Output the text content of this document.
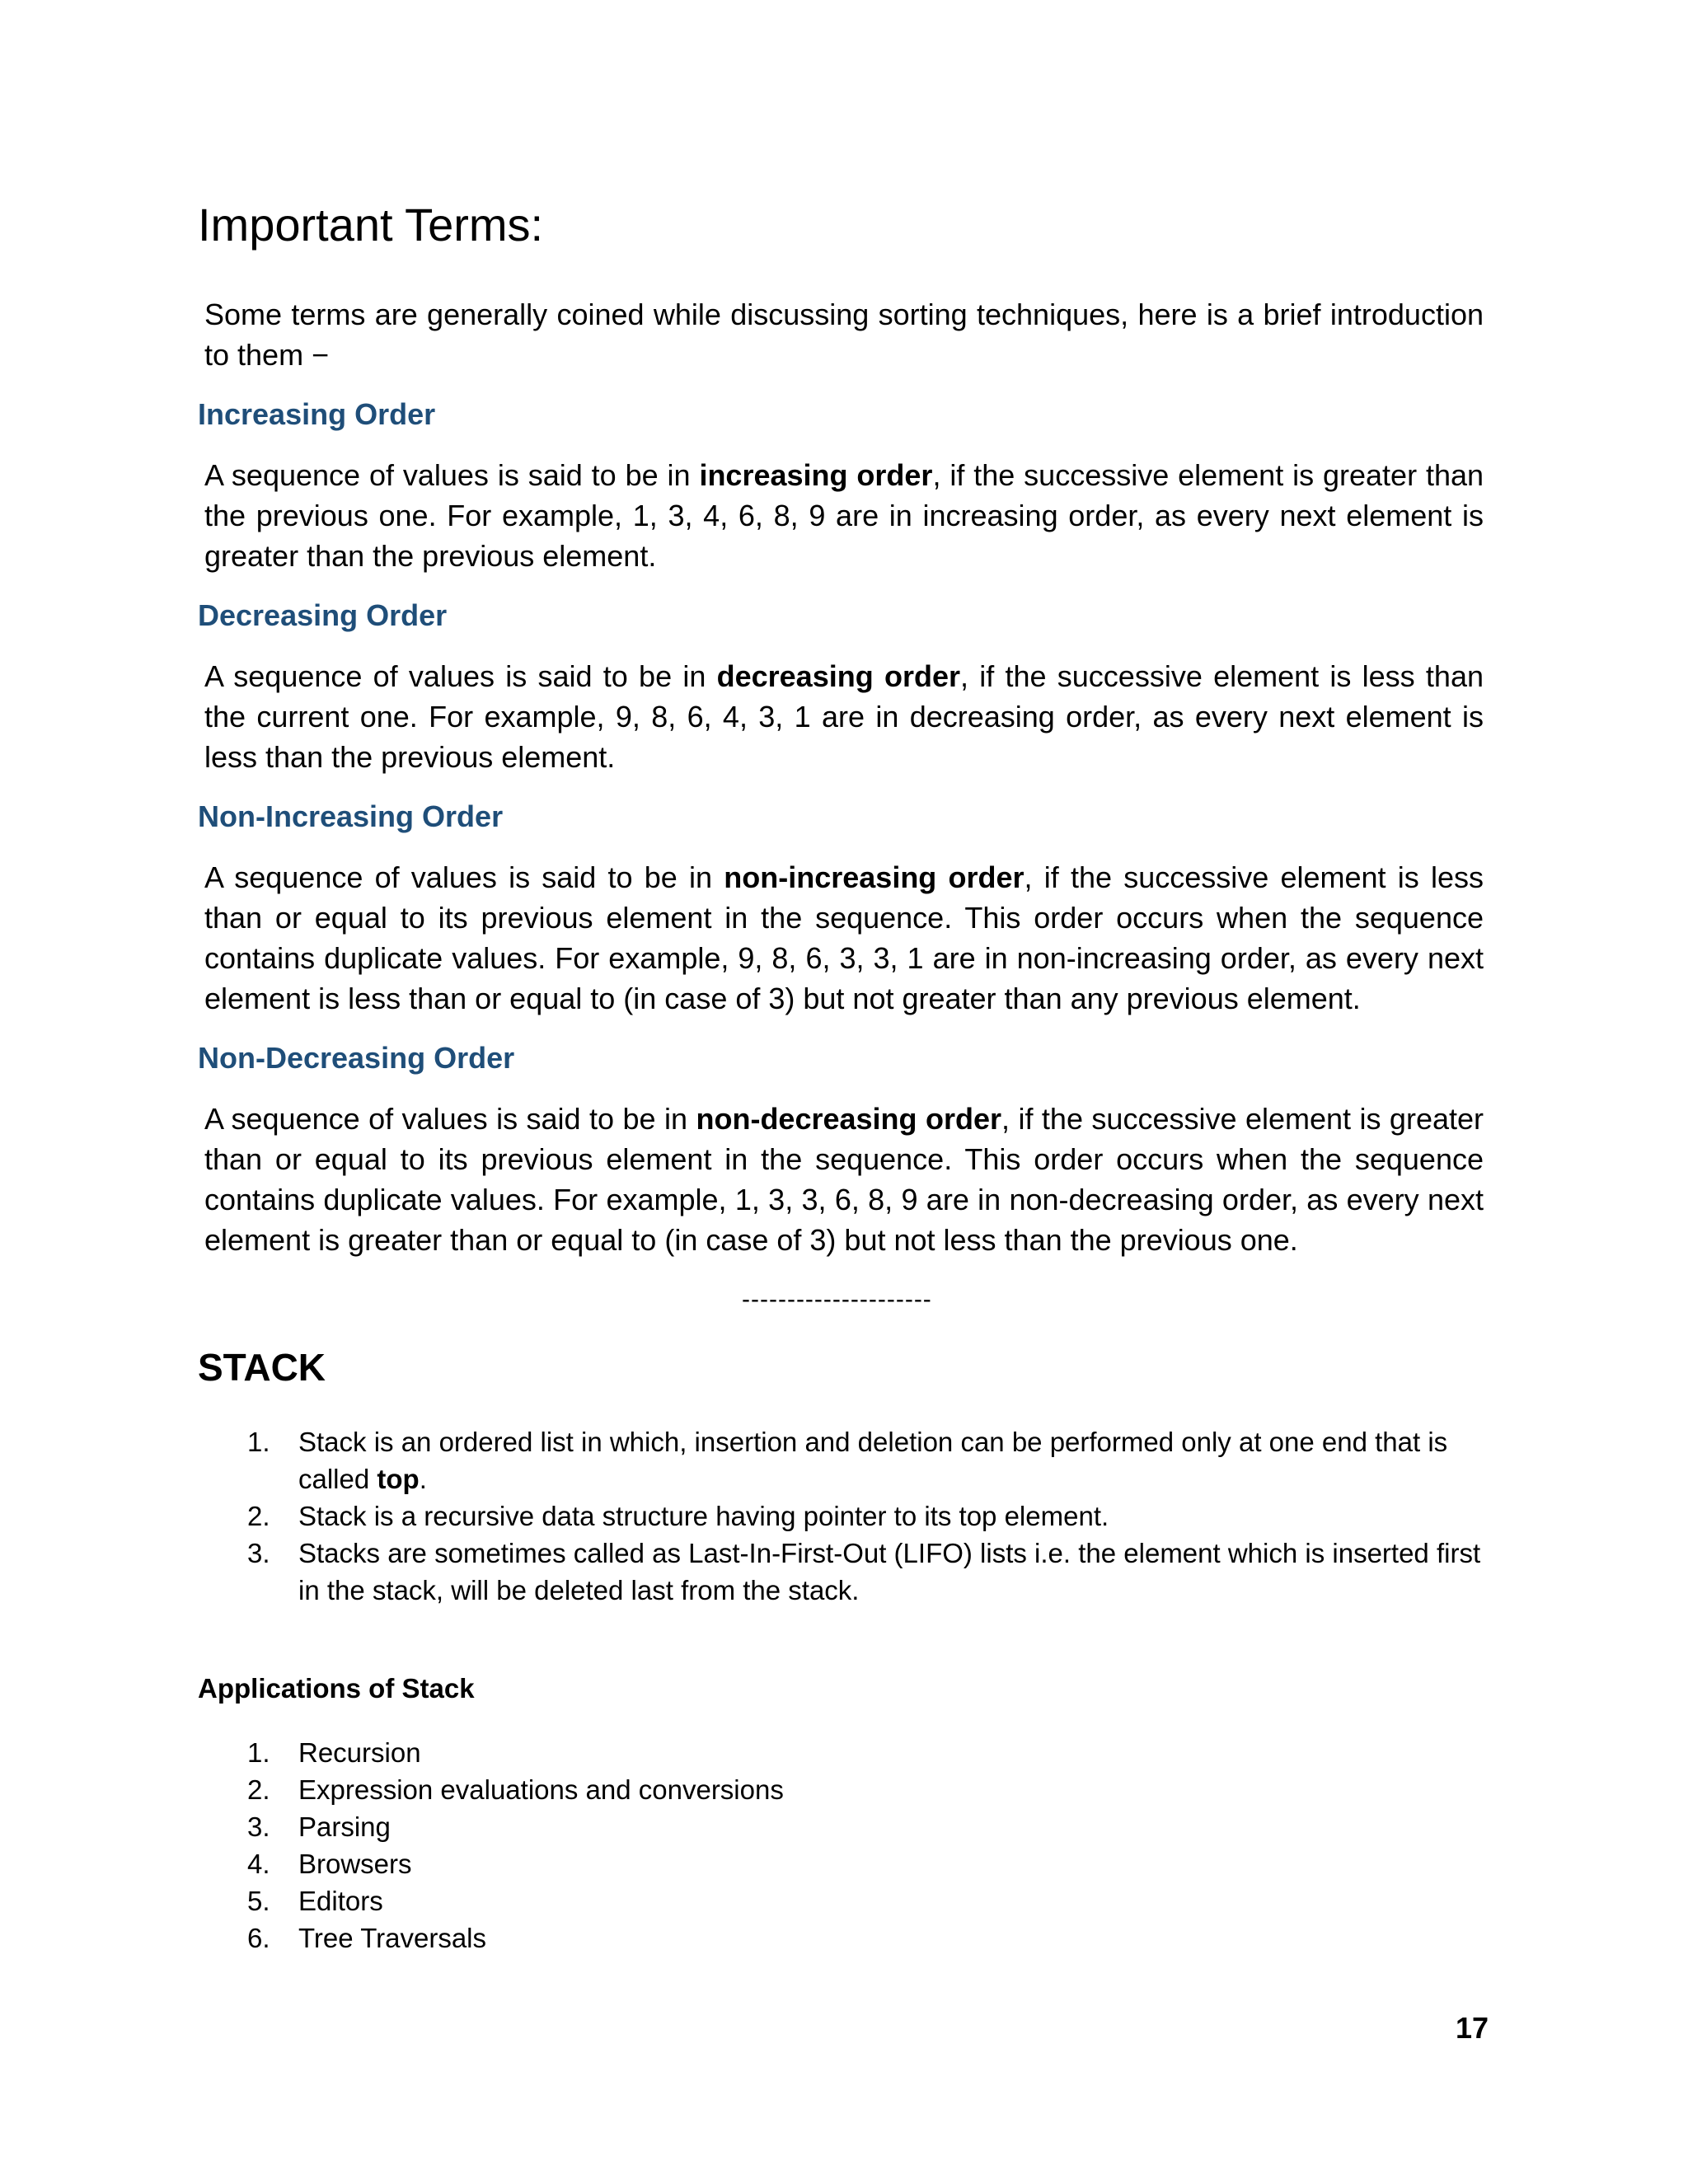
Important Terms:

Some terms are generally coined while discussing sorting techniques, here is a brief introduction to them −

Increasing Order

A sequence of values is said to be in increasing order, if the successive element is greater than the previous one. For example, 1, 3, 4, 6, 8, 9 are in increasing order, as every next element is greater than the previous element.

Decreasing Order

A sequence of values is said to be in decreasing order, if the successive element is less than the current one. For example, 9, 8, 6, 4, 3, 1 are in decreasing order, as every next element is less than the previous element.

Non-Increasing Order

A sequence of values is said to be in non-increasing order, if the successive element is less than or equal to its previous element in the sequence. This order occurs when the sequence contains duplicate values. For example, 9, 8, 6, 3, 3, 1 are in non-increasing order, as every next element is less than or equal to (in case of 3) but not greater than any previous element.

Non-Decreasing Order

A sequence of values is said to be in non-decreasing order, if the successive element is greater than or equal to its previous element in the sequence. This order occurs when the sequence contains duplicate values. For example, 1, 3, 3, 6, 8, 9 are in non-decreasing order, as every next element is greater than or equal to (in case of 3) but not less than the previous one.

---------------------
STACK
1. Stack is an ordered list in which, insertion and deletion can be performed only at one end that is called top.
2. Stack is a recursive data structure having pointer to its top element.
3. Stacks are sometimes called as Last-In-First-Out (LIFO) lists i.e. the element which is inserted first in the stack, will be deleted last from the stack.
Applications of Stack
1. Recursion
2. Expression evaluations and conversions
3. Parsing
4. Browsers
5. Editors
6. Tree Traversals
17
